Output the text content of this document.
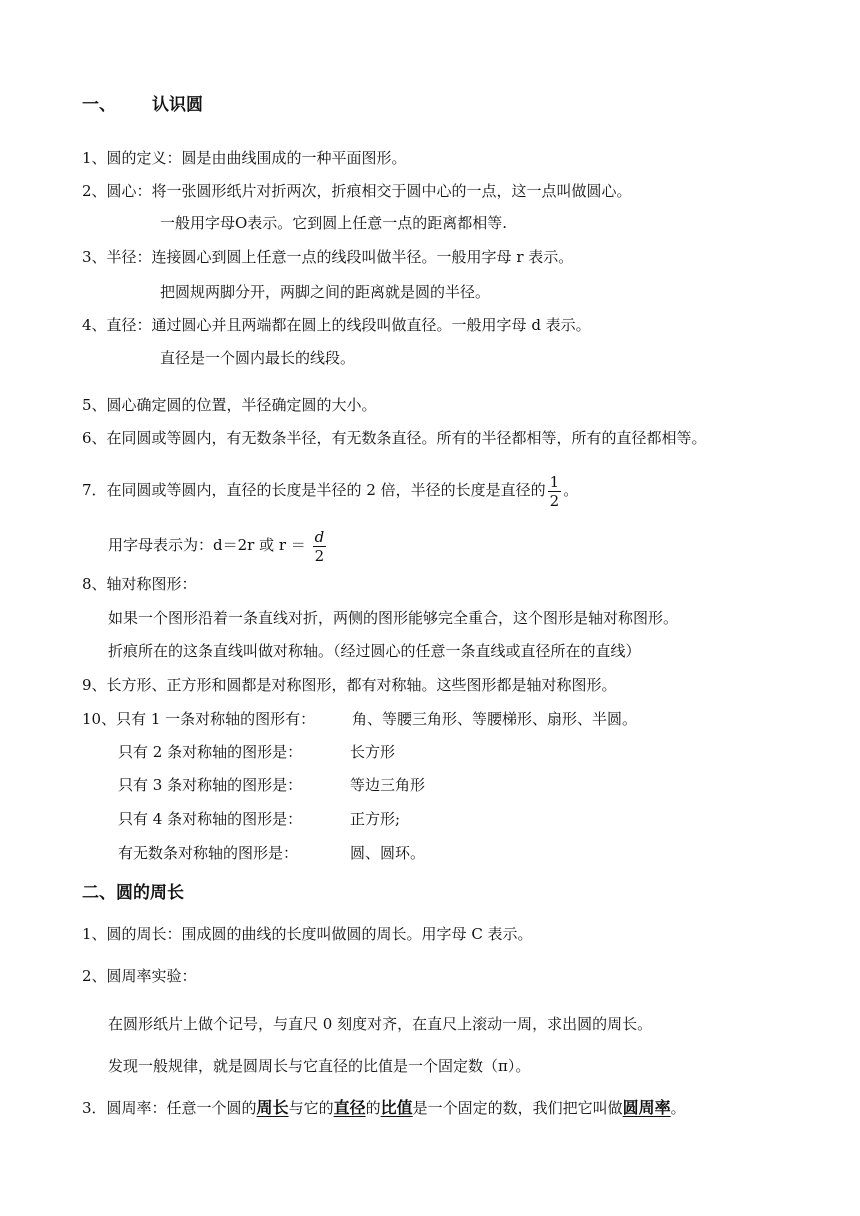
一、 认识圆
1、圆的定义：圆是由曲线围成的一种平面图形。
2、圆心：将一张圆形纸片对折两次，折痕相交于圆中心的一点，这一点叫做圆心。
一般用字母O表示。它到圆上任意一点的距离都相等.
3、半径：连接圆心到圆上任意一点的线段叫做半径。一般用字母 r 表示。
把圆规两脚分开，两脚之间的距离就是圆的半径。
4、直径：通过圆心并且两端都在圆上的线段叫做直径。一般用字母 d 表示。
直径是一个圆内最长的线段。
5、圆心确定圆的位置，半径确定圆的大小。
6、在同圆或等圆内，有无数条半径，有无数条直径。所有的半径都相等，所有的直径都相等。
7．在同圆或等圆内，直径的长度是半径的 2 倍，半径的长度是直径的 $\frac{1}{2}$ 。
用字母表示为：d＝2r 或 $r = \frac{d}{2}$
8、轴对称图形：
如果一个图形沿着一条直线对折，两侧的图形能够完全重合，这个图形是轴对称图形。
折痕所在的这条直线叫做对称轴。（经过圆心的任意一条直线或直径所在的直线）
9、长方形、正方形和圆都是对称图形，都有对称轴。这些图形都是轴对称图形。
10、只有 1 一条对称轴的图形有： 角、等腰三角形、等腰梯形、扇形、半圆。
只有 2 条对称轴的图形是：	长方形
只有 3 条对称轴的图形是：	等边三角形
只有 4 条对称轴的图形是：	正方形;
有无数条对称轴的图形是：	圆、圆环。
二、圆的周长
1、圆的周长：围成圆的曲线的长度叫做圆的周长。用字母 C 表示。
2、圆周率实验：
在圆形纸片上做个记号，与直尺 0 刻度对齐，在直尺上滚动一周，求出圆的周长。
发现一般规律，就是圆周长与它直径的比值是一个固定数（π）。
3．圆周率：任意一个圆的周长与它的直径的比值是一个固定的数，我们把它叫做圆周率。
